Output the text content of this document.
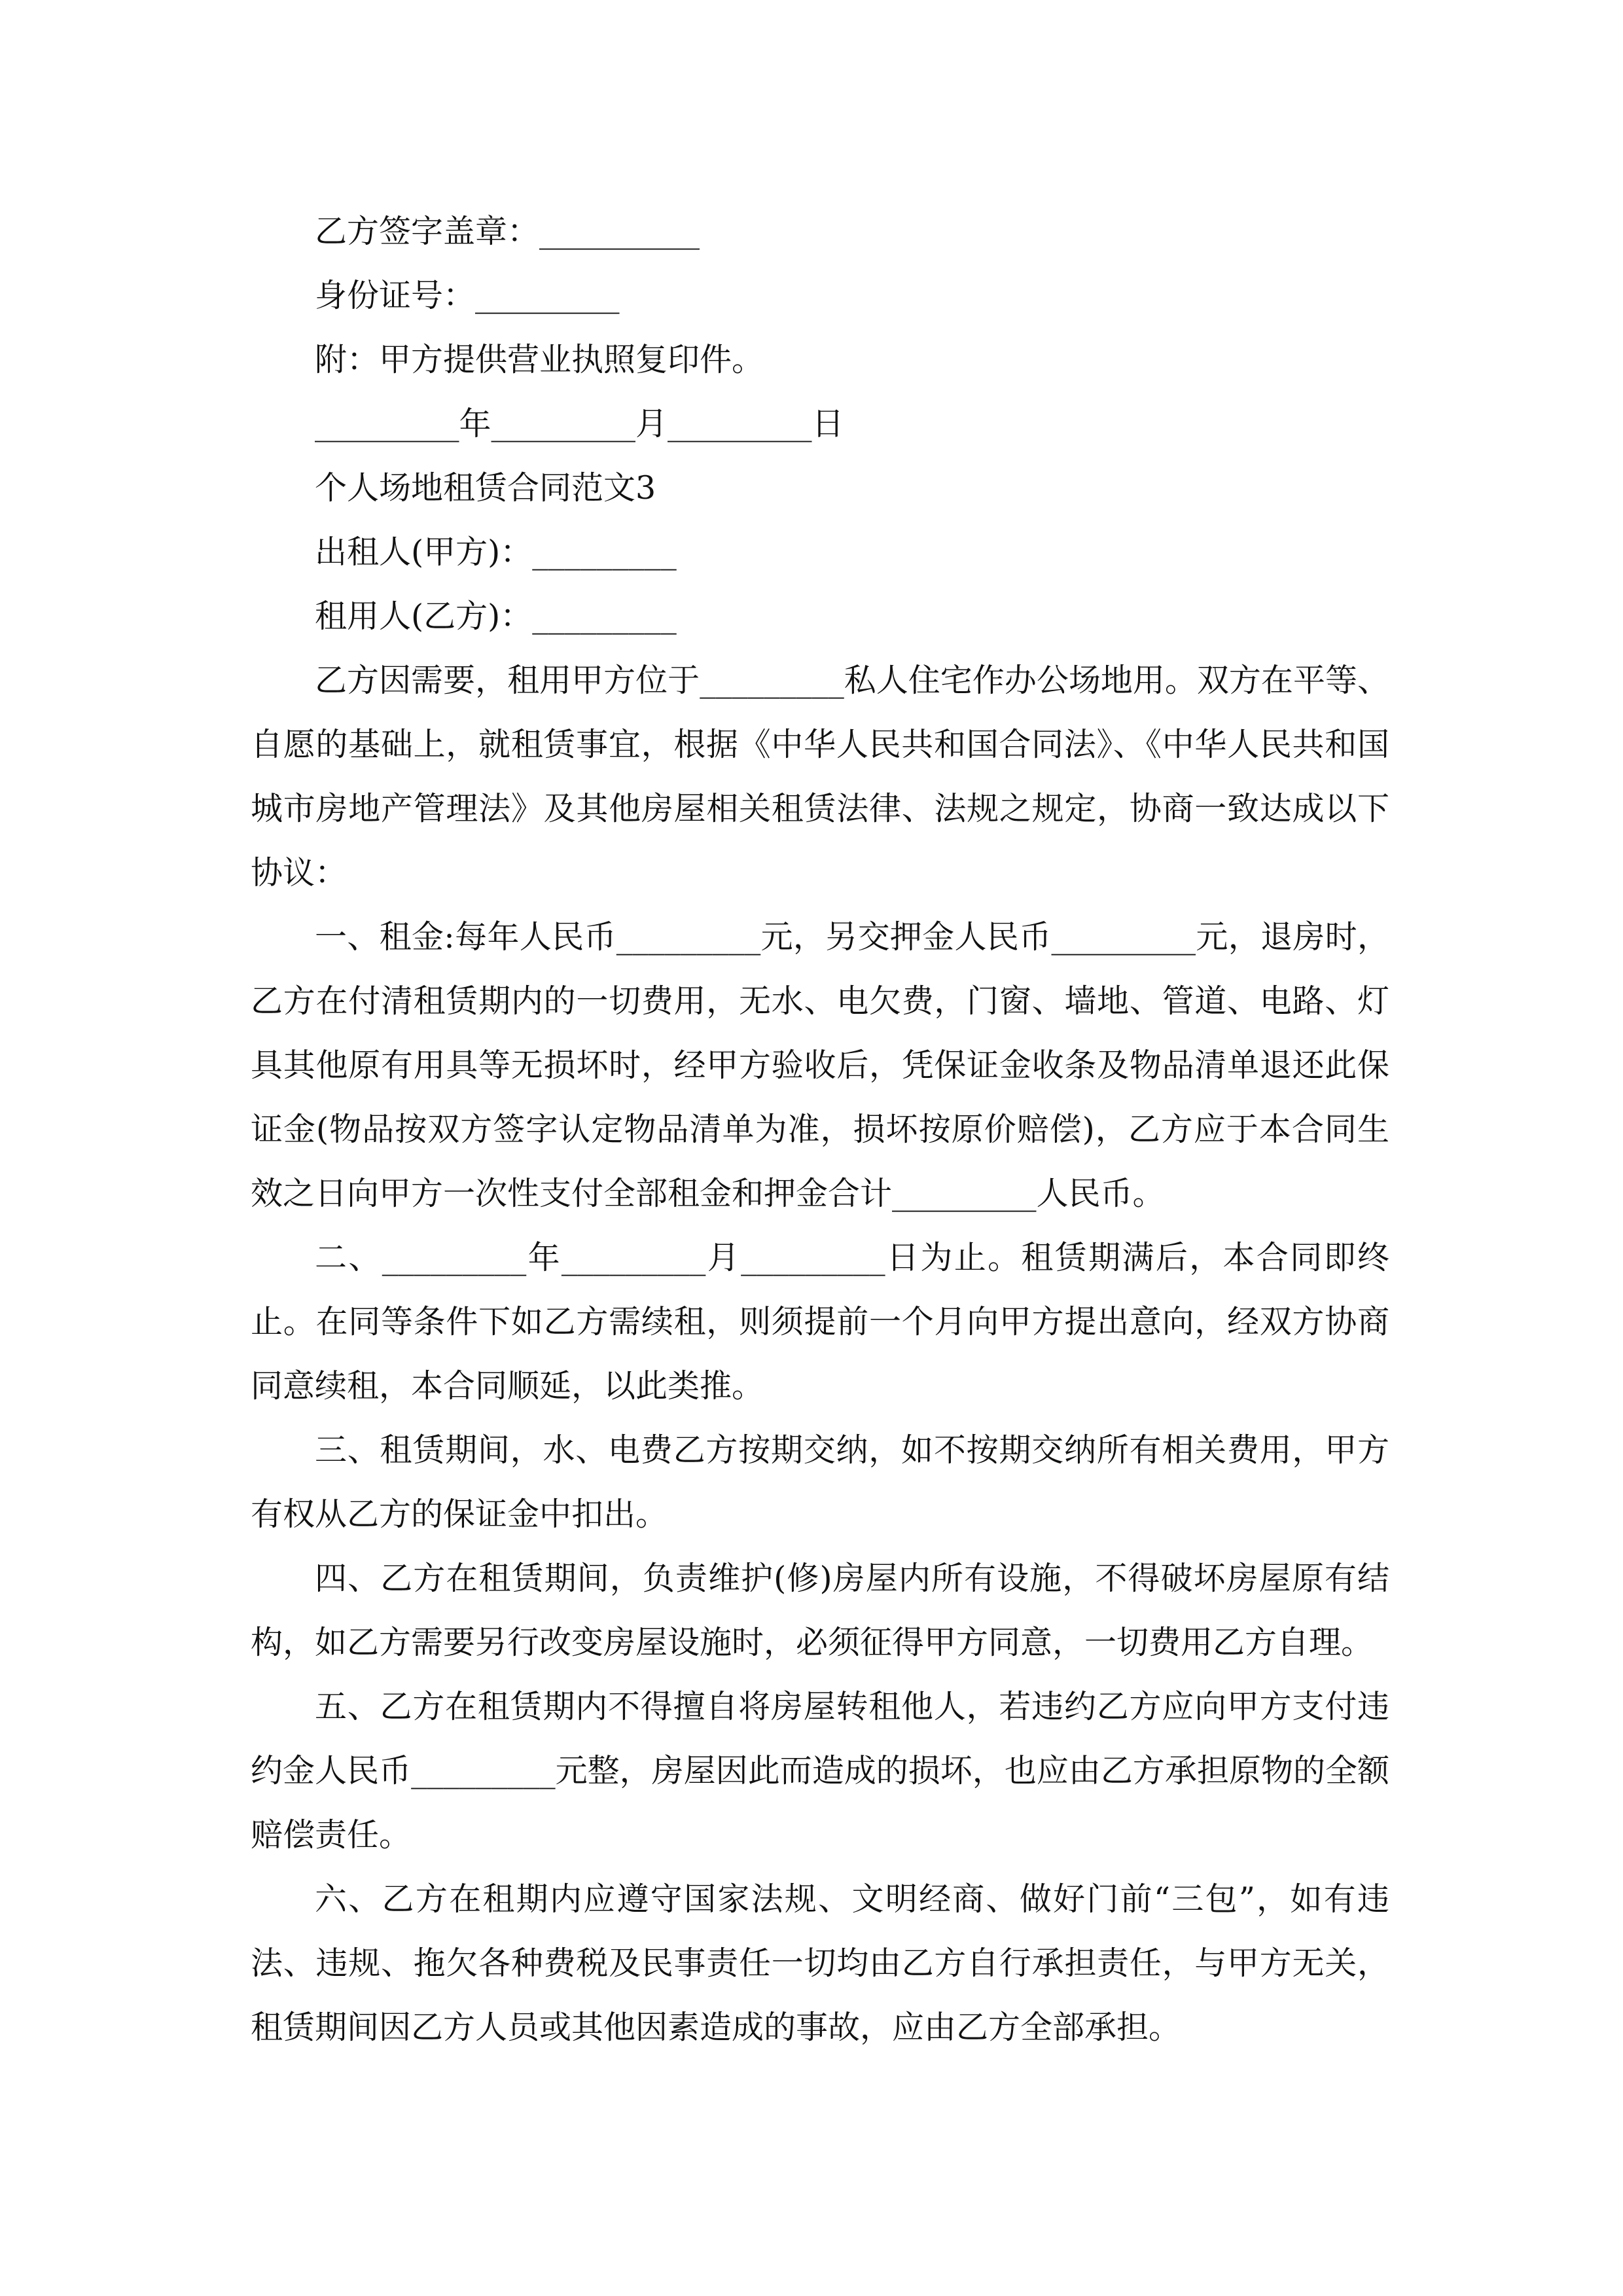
乙方签字盖章：__________

身份证号：_________

附：甲方提供营业执照复印件。

_________年_________月_________日

个人场地租赁合同范文3

出租人(甲方)：_________

租用人(乙方)：_________

乙方因需要，租用甲方位于_________私人住宅作办公场地用。双方在平等、自愿的基础上，就租赁事宜，根据《中华人民共和国合同法》、《中华人民共和国城市房地产管理法》及其他房屋相关租赁法律、法规之规定，协商一致达成以下协议：

一、租金:每年人民币_________元，另交押金人民币_________元，退房时，乙方在付清租赁期内的一切费用，无水、电欠费，门窗、墙地、管道、电路、灯具其他原有用具等无损坏时，经甲方验收后，凭保证金收条及物品清单退还此保证金(物品按双方签字认定物品清单为准，损坏按原价赔偿)，乙方应于本合同生效之日向甲方一次性支付全部租金和押金合计_________人民币。

二、_________年_________月_________日为止。租赁期满后，本合同即终止。在同等条件下如乙方需续租，则须提前一个月向甲方提出意向，经双方协商同意续租，本合同顺延，以此类推。

三、租赁期间，水、电费乙方按期交纳，如不按期交纳所有相关费用，甲方有权从乙方的保证金中扣出。

四、乙方在租赁期间，负责维护(修)房屋内所有设施，不得破坏房屋原有结构，如乙方需要另行改变房屋设施时，必须征得甲方同意，一切费用乙方自理。

五、乙方在租赁期内不得擅自将房屋转租他人，若违约乙方应向甲方支付违约金人民币_________元整，房屋因此而造成的损坏，也应由乙方承担原物的全额赔偿责任。

六、乙方在租期内应遵守国家法规、文明经商、做好门前“三包”，如有违法、违规、拖欠各种费税及民事责任一切均由乙方自行承担责任，与甲方无关，租赁期间因乙方人员或其他因素造成的事故，应由乙方全部承担。
